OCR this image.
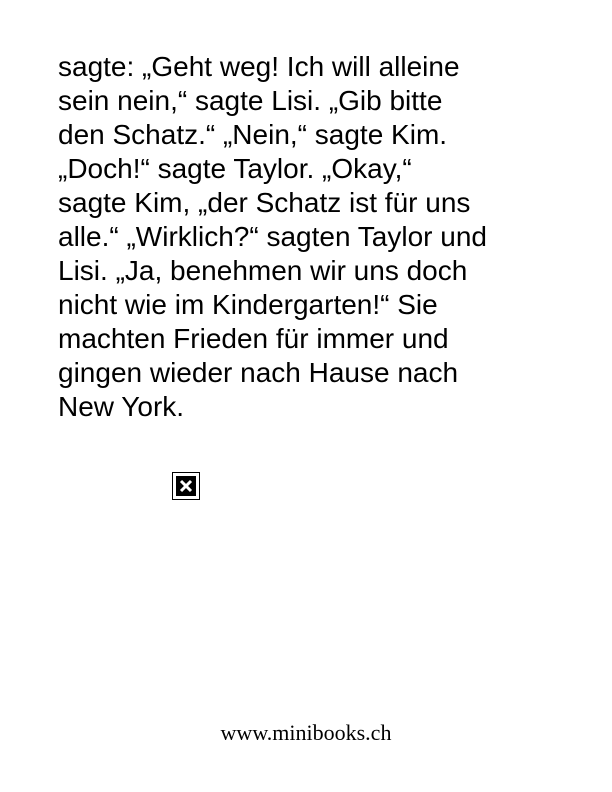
sagte: „Geht weg! Ich will alleine
sein nein,“ sagte Lisi. „Gib bitte
den Schatz.“ „Nein,“ sagte Kim.
„Doch!“ sagte Taylor. „Okay,“
sagte Kim, „der Schatz ist für uns
alle.“ „Wirklich?“ sagten Taylor und
Lisi. „Ja, benehmen wir uns doch
nicht wie im Kindergarten!“ Sie
machten Frieden für immer und
gingen wieder nach Hause nach
New York.
www.minibooks.ch
